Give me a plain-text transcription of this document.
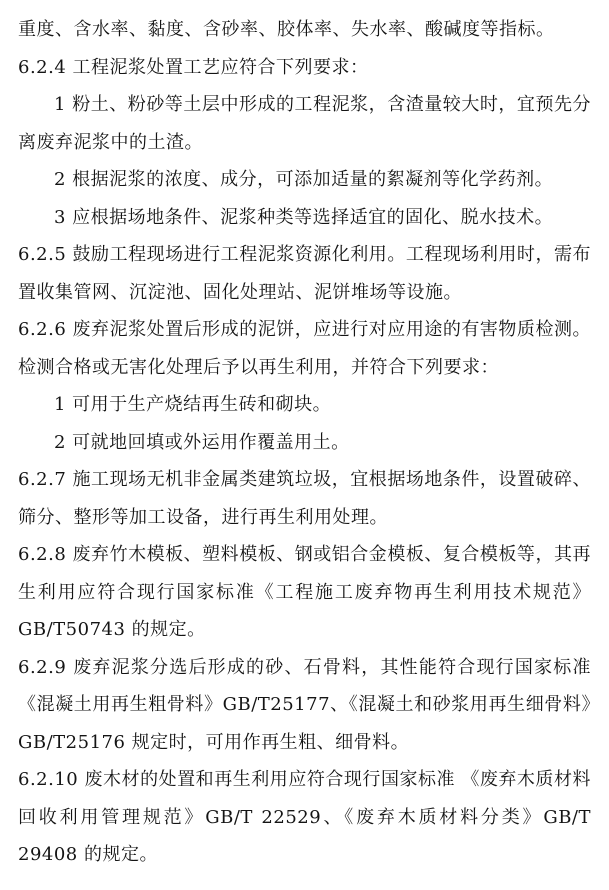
重度、含水率、黏度、含砂率、胶体率、失水率、酸碱度等指标。

6.2.4 工程泥浆处置工艺应符合下列要求：

1 粉土、粉砂等土层中形成的工程泥浆，含渣量较大时，宜预先分离废弃泥浆中的土渣。

2 根据泥浆的浓度、成分，可添加适量的絮凝剂等化学药剂。

3 应根据场地条件、泥浆种类等选择适宜的固化、脱水技术。

6.2.5 鼓励工程现场进行工程泥浆资源化利用。工程现场利用时，需布置收集管网、沉淀池、固化处理站、泥饼堆场等设施。

6.2.6 废弃泥浆处置后形成的泥饼，应进行对应用途的有害物质检测。检测合格或无害化处理后予以再生利用，并符合下列要求：

1 可用于生产烧结再生砖和砌块。

2 可就地回填或外运用作覆盖用土。

6.2.7 施工现场无机非金属类建筑垃圾，宜根据场地条件，设置破碎、筛分、整形等加工设备，进行再生利用处理。

6.2.8 废弃竹木模板、塑料模板、钢或铝合金模板、复合模板等，其再生利用应符合现行国家标准《工程施工废弃物再生利用技术规范》GB/T50743 的规定。

6.2.9 废弃泥浆分选后形成的砂、石骨料，其性能符合现行国家标准《混凝土用再生粗骨料》GB/T25177、《混凝土和砂浆用再生细骨料》GB/T25176 规定时，可用作再生粗、细骨料。

6.2.10 废木材的处置和再生利用应符合现行国家标准 《废弃木质材料回收利用管理规范》GB/T 22529、《废弃木质材料分类》GB/T 29408 的规定。
